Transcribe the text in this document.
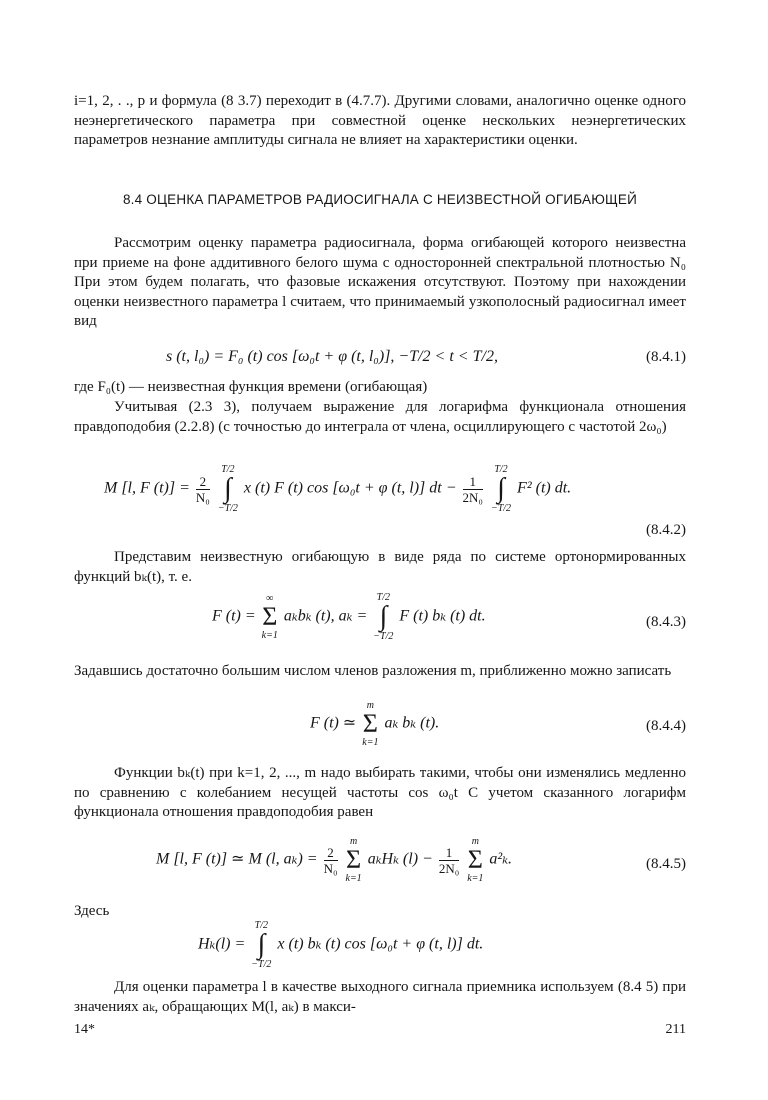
i=1, 2, . ., p и формула (8 3.7) переходит в (4.7.7). Другими словами, аналогично оценке одного неэнергетического параметра при совместной оценке нескольких неэнергетических параметров незнание амплитуды сигнала не влияет на характеристики оценки.

8.4 ОЦЕНКА ПАРАМЕТРОВ РАДИОСИГНАЛА С НЕИЗВЕСТНОЙ ОГИБАЮЩЕЙ

Рассмотрим оценку параметра радиосигнала, форма огибающей которого неизвестна при приеме на фоне аддитивного белого шума с односторонней спектральной плотностью N₀ При этом будем полагать, что фазовые искажения отсутствуют. Поэтому при нахождении оценки неизвестного параметра l считаем, что принимаемый узкополосный радиосигнал имеет вид

s (t, l₀) = F₀ (t) cos [ω₀t + φ (t, l₀)], −T/2 < t < T/2,	(8.4.1)

где F₀(t) — неизвестная функция времени (огибающая)

Учитывая (2.3 3), получаем выражение для логарифма функционала отношения правдоподобия (2.2.8) (с точностью до интеграла от члена, осциллирующего с частотой 2ω₀)

M [l, F $(t)] = \frac{2}{\text{N₀}}$

T/2
∫
−T/2
x (t) F (t) cos [ω₀t + φ (t, l)] dt − $\frac{1}{\text{2N₀}}$

T/2
∫
−T/2
F² (t) dt.
(8.4.2)

Представим неизвестную огибающую в виде ряда по системе ортонормированных функций bₖ(t), т. е.

F (t) =
∞
Σ
k=1
aₖbₖ (t), aₖ =
T/2
∫
−T/2
F (t) bₖ (t) dt.	(8.4.3)

Задавшись достаточно большим числом членов разложения m, приближенно можно записать

F (t) ≃
m
Σ
k=1
aₖ bₖ (t).	(8.4.4)

Функции bₖ(t) при k=1, 2, ..., m надо выбирать такими, чтобы они изменялись медленно по сравнению с колебанием несущей частоты cos ω₀t С учетом сказанного логарифм функционала отношения правдоподобия равен

M [l, F (t)] ≃ M (l, $a_k) = \frac{2}{\text{N₀}}$

m
Σ
k=1
aₖHₖ $(l) - \frac{1}{\text{2N₀}}$

m
Σ
k=1
a²ₖ.	(8.4.5)

Здесь

Hₖ(l) =
T/2
∫
−T/2
x (t) bₖ (t) cos [ω₀t + φ (t, l)] dt.

Для оценки параметра l в качестве выходного сигнала приемника используем (8.4 5) при значениях aₖ, обращающих M(l, aₖ) в макси-

14*	211
